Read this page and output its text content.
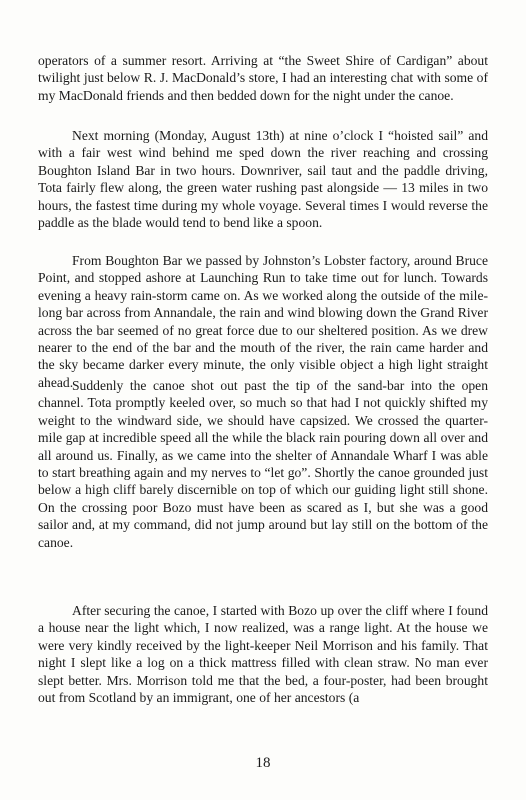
operators of a summer resort. Arriving at “the Sweet Shire of Cardigan” about twilight just below R. J. MacDonald’s store, I had an interesting chat with some of my MacDonald friends and then bedded down for the night under the canoe.

Next morning (Monday, August 13th) at nine o’clock I “hoisted sail” and with a fair west wind behind me sped down the river reaching and crossing Boughton Island Bar in two hours. Downriver, sail taut and the paddle driving, Tota fairly flew along, the green water rushing past alongside — 13 miles in two hours, the fastest time during my whole voyage. Several times I would reverse the paddle as the blade would tend to bend like a spoon.

From Boughton Bar we passed by Johnston’s Lobster factory, around Bruce Point, and stopped ashore at Launching Run to take time out for lunch. Towards evening a heavy rain-storm came on. As we worked along the outside of the mile-long bar across from Annandale, the rain and wind blowing down the Grand River across the bar seemed of no great force due to our sheltered position. As we drew nearer to the end of the bar and the mouth of the river, the rain came harder and the sky became darker every minute, the only visible object a high light straight ahead.

Suddenly the canoe shot out past the tip of the sand-bar into the open channel. Tota promptly keeled over, so much so that had I not quickly shifted my weight to the windward side, we should have capsized. We crossed the quarter-mile gap at incredible speed all the while the black rain pouring down all over and all around us. Finally, as we came into the shelter of Annandale Wharf I was able to start breathing again and my nerves to “let go”. Shortly the canoe grounded just below a high cliff barely discernible on top of which our guiding light still shone. On the crossing poor Bozo must have been as scared as I, but she was a good sailor and, at my command, did not jump around but lay still on the bottom of the canoe.

After securing the canoe, I started with Bozo up over the cliff where I found a house near the light which, I now realized, was a range light. At the house we were very kindly received by the light-keeper Neil Morrison and his family. That night I slept like a log on a thick mattress filled with clean straw. No man ever slept better. Mrs. Morrison told me that the bed, a four-poster, had been brought out from Scotland by an immigrant, one of her ancestors (a

18
